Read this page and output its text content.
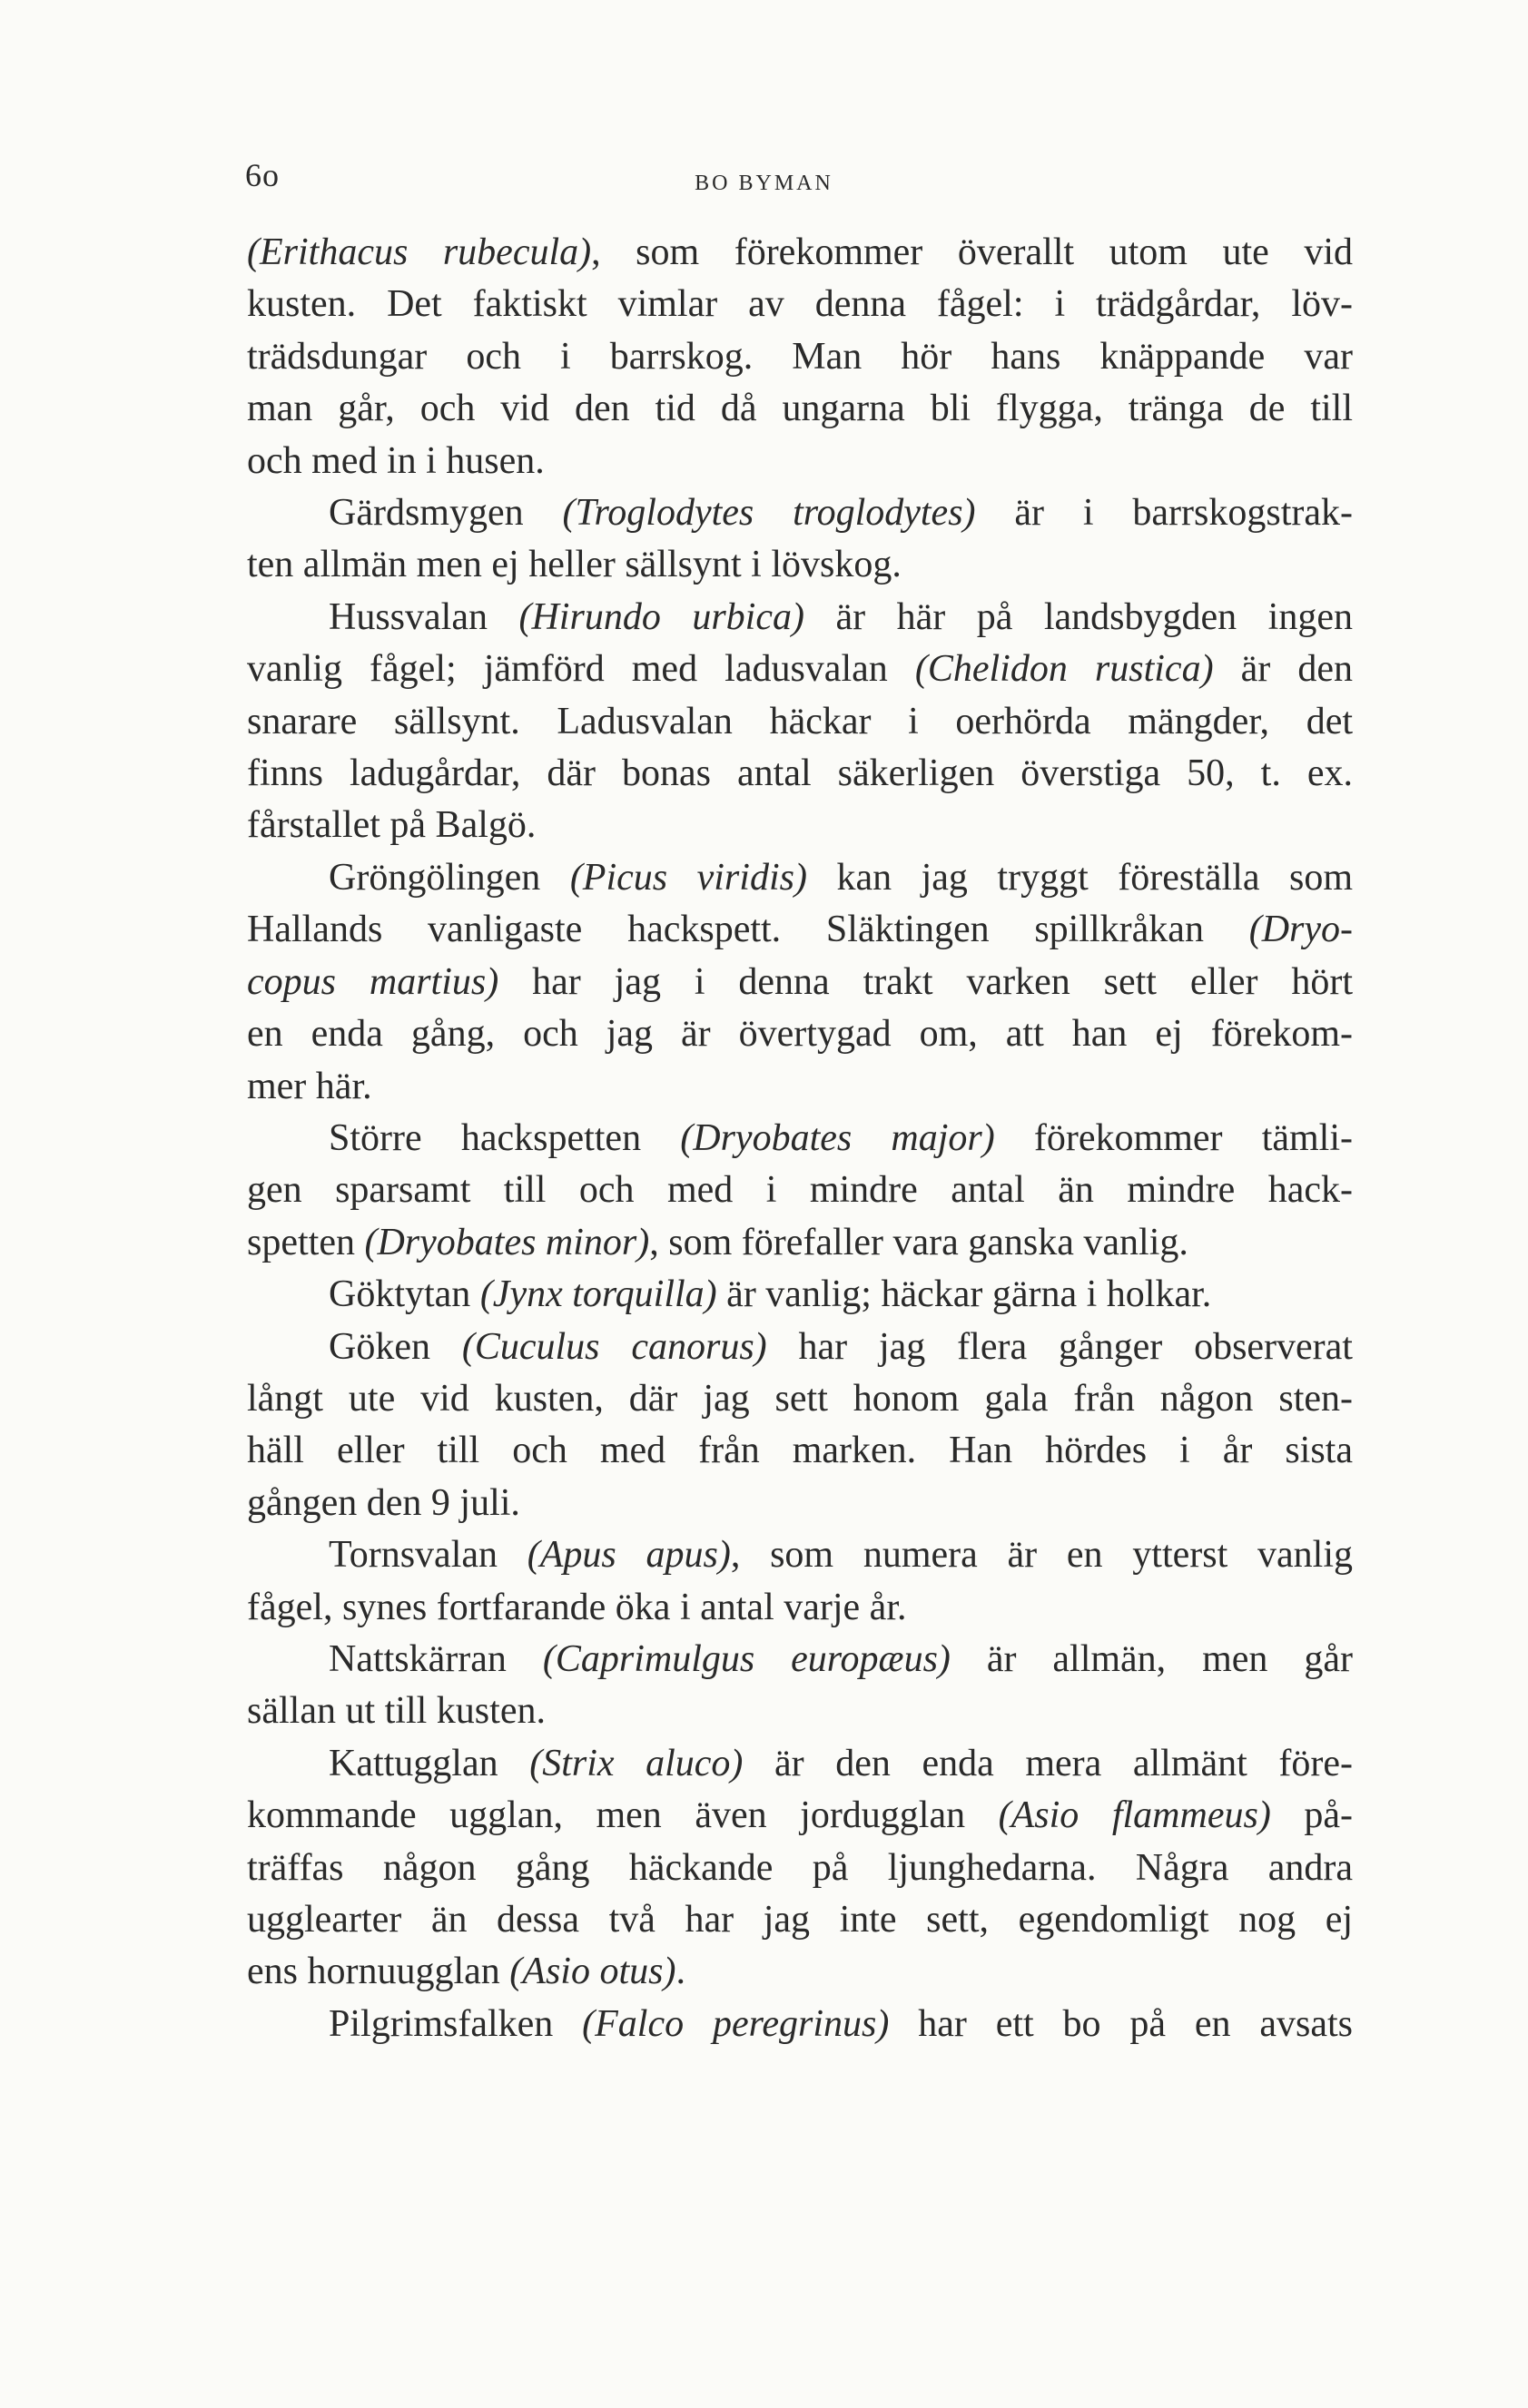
6o	BO BYMAN

(Erithacus rubecula), som förekommer överallt utom ute vid
kusten. Det faktiskt vimlar av denna fågel: i trädgårdar, löv-
trädsdungar och i barrskog. Man hör hans knäppande var
man går, och vid den tid då ungarna bli flygga, tränga de till
och med in i husen.

Gärdsmygen (Troglodytes troglodytes) är i barrskogstrak-
ten allmän men ej heller sällsynt i lövskog.

Hussvalan (Hirundo urbica) är här på landsbygden ingen
vanlig fågel; jämförd med ladusvalan (Chelidon rustica) är den
snarare sällsynt. Ladusvalan häckar i oerhörda mängder, det
finns ladugårdar, där bonas antal säkerligen överstiga 50, t. ex.
fårstallet på Balgö.

Gröngölingen (Picus viridis) kan jag tryggt föreställa som
Hallands vanligaste hackspett. Släktingen spillkråkan (Dryo-
copus martius) har jag i denna trakt varken sett eller hört
en enda gång, och jag är övertygad om, att han ej förekom-
mer här.

Större hackspetten (Dryobates major) förekommer tämli-
gen sparsamt till och med i mindre antal än mindre hack-
spetten (Dryobates minor), som förefaller vara ganska vanlig.

Göktytan (Jynx torquilla) är vanlig; häckar gärna i holkar.

Göken (Cuculus canorus) har jag flera gånger observerat
långt ute vid kusten, där jag sett honom gala från någon sten-
häll eller till och med från marken. Han hördes i år sista
gången den 9 juli.

Tornsvalan (Apus apus), som numera är en ytterst vanlig
fågel, synes fortfarande öka i antal varje år.

Nattskärran (Caprimulgus europæus) är allmän, men går
sällan ut till kusten.

Kattugglan (Strix aluco) är den enda mera allmänt före-
kommande ugglan, men även jordugglan (Asio flammeus) på-
träffas någon gång häckande på ljunghedarna. Några andra
ugglearter än dessa två har jag inte sett, egendomligt nog ej
ens hornuugglan (Asio otus).

Pilgrimsfalken (Falco peregrinus) har ett bo på en avsats
